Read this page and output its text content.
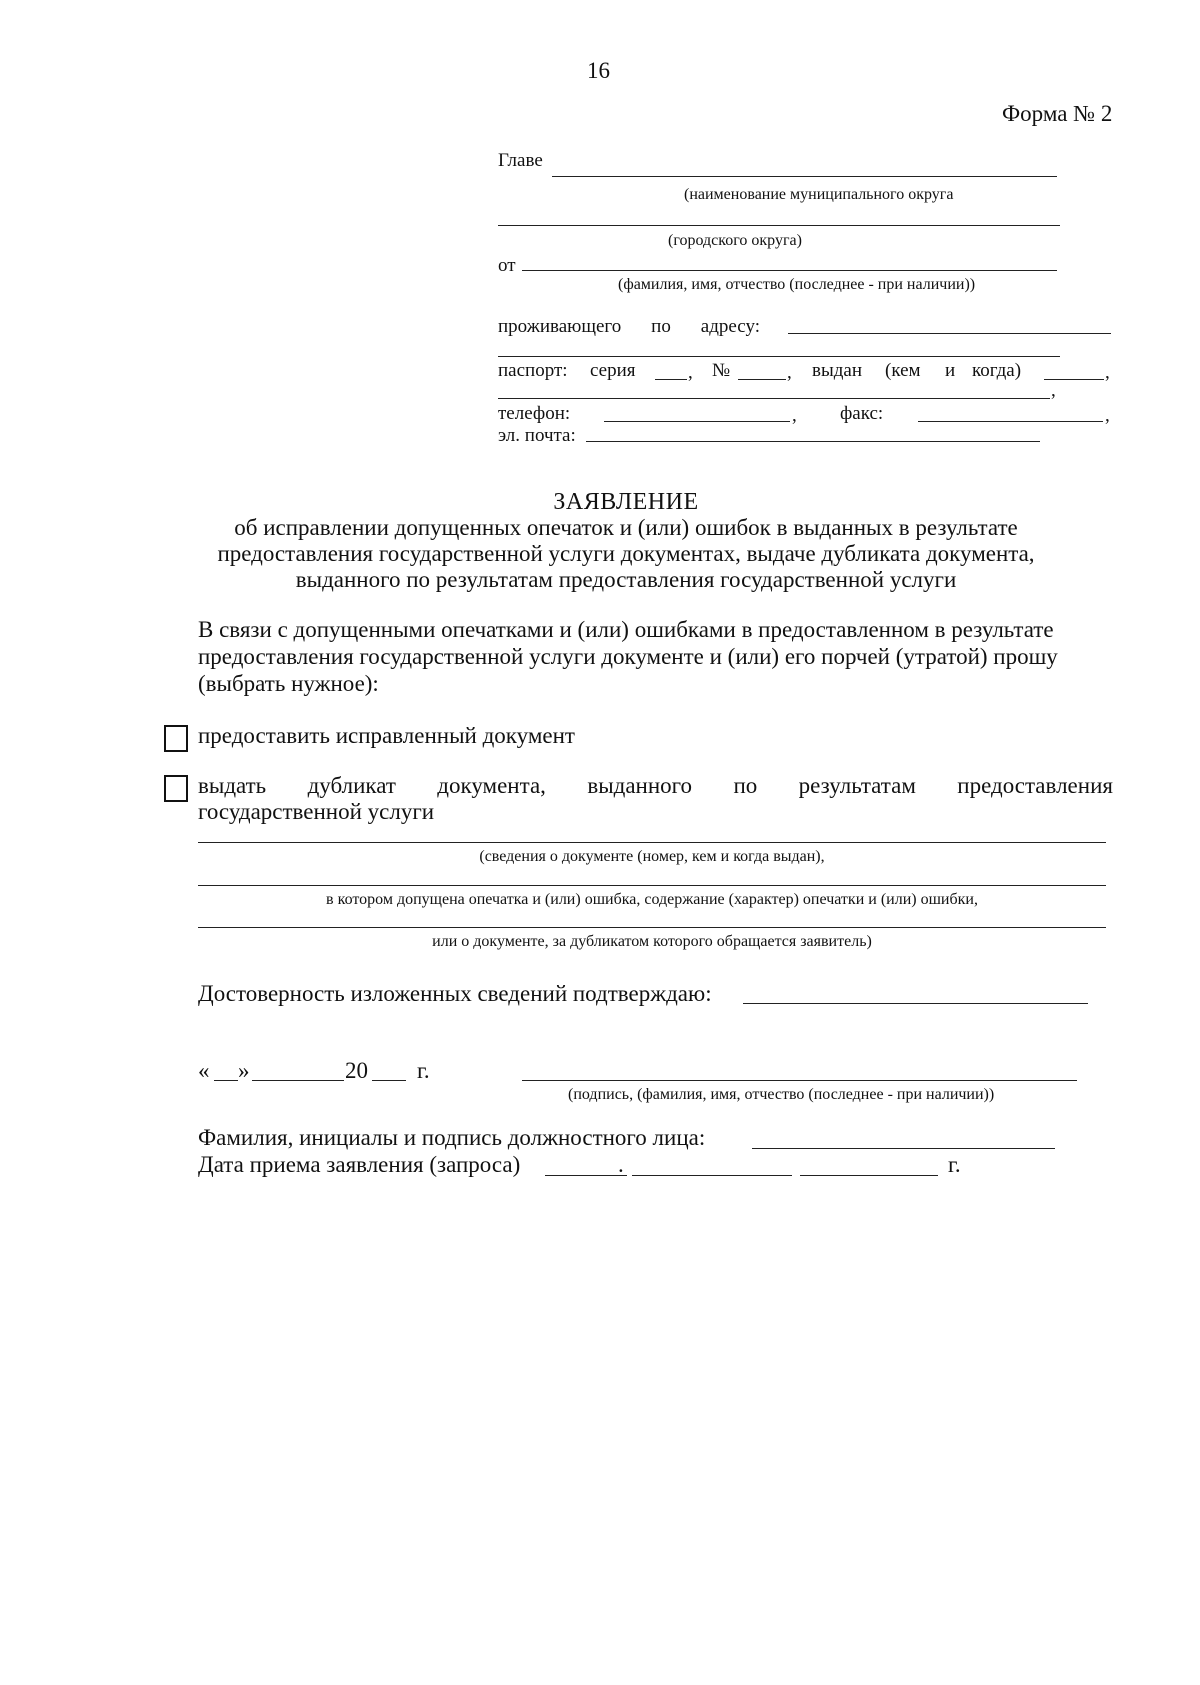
16
Форма № 2
Главе
(наименование муниципального округа
(городского округа)
от
(фамилия, имя, отчество (последнее - при наличии))
проживающего по адресу:
паспорт: серия	, №	, выдан (кем и когда)	,
,
телефон:	, факс:	,
эл. почта:
ЗАЯВЛЕНИЕ
об исправлении допущенных опечаток и (или) ошибок в выданных в результате
предоставления государственной услуги документах, выдаче дубликата документа,
выданного по результатам предоставления государственной услуги
В связи с допущенными опечатками и (или) ошибками в предоставленном в результате
предоставления государственной услуги документе и (или) его порчей (утратой) прошу
(выбрать нужное):
предоставить исправленный документ
выдать дубликат документа, выданного по результатам предоставления
государственной услуги
(сведения о документе (номер, кем и когда выдан),
в котором допущена опечатка и (или) ошибка, содержание (характер) опечатки и (или) ошибки,
или о документе, за дубликатом которого обращается заявитель)
Достоверность изложенных сведений подтверждаю:
« »	20 г.
(подпись, (фамилия, имя, отчество (последнее - при наличии))
Фамилия, инициалы и подпись должностного лица:
Дата приема заявления (запроса)	.	г.
